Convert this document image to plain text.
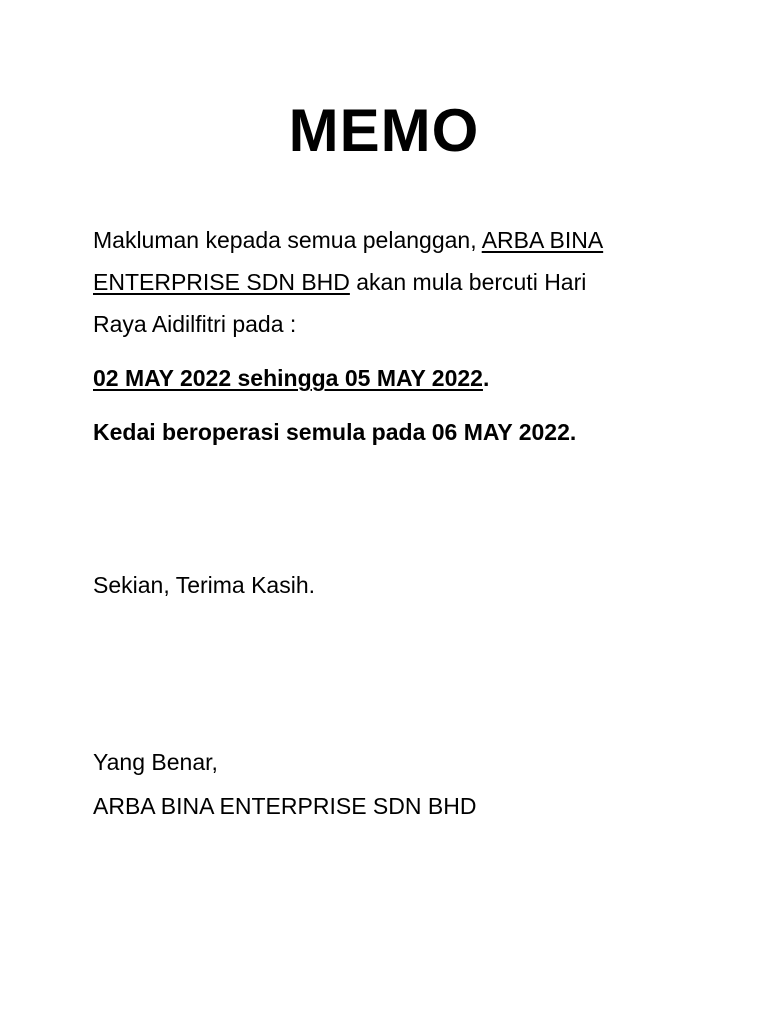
MEMO
Makluman kepada semua pelanggan, ARBA BINA
ENTERPRISE SDN BHD akan mula bercuti Hari
Raya Aidilfitri pada :
02 MAY 2022 sehingga 05 MAY 2022.
Kedai beroperasi semula pada 06 MAY 2022.
Sekian, Terima Kasih.
Yang Benar,
ARBA BINA ENTERPRISE SDN BHD
